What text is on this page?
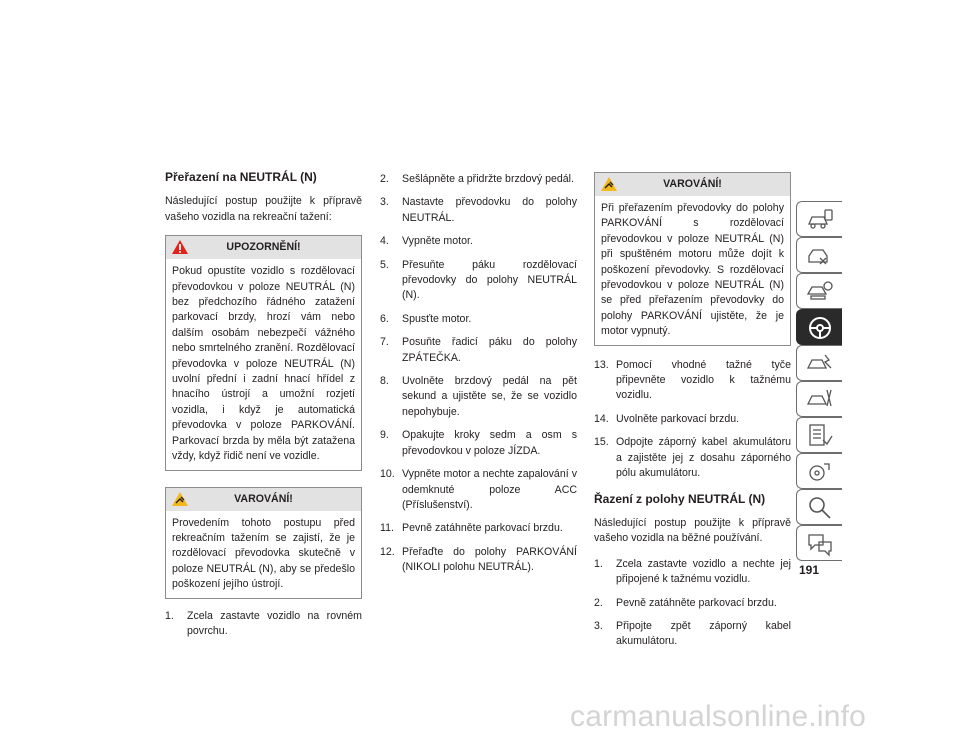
Přeřazení na NEUTRÁL (N)

Následující postup použijte k přípravě vašeho vozidla na rekreační tažení:

UPOZORNĚNÍ!
Pokud opustíte vozidlo s rozdělovací převodovkou v poloze NEUTRÁL (N) bez předchozího řádného zatažení parkovací brzdy, hrozí vám nebo dalším osobám nebezpečí vážného nebo smrtelného zranění. Rozdělovací převodovka v poloze NEUTRÁL (N) uvolní přední i zadní hnací hřídel z hnacího ústrojí a umožní rozjetí vozidla, i když je automatická převodovka v poloze PARKOVÁNÍ. Parkovací brzda by měla být zatažena vždy, když řidič není ve vozidle.
VAROVÁNÍ!
Provedením tohoto postupu před rekreačním tažením se zajistí, že je rozdělovací převodovka skutečně v poloze NEUTRÁL (N), aby se předešlo poškození jejího ústrojí.
1. Zcela zastavte vozidlo na rovném povrchu.
2. Sešlápněte a přidržte brzdový pedál.
3. Nastavte převodovku do polohy NEUTRÁL.
4. Vypněte motor.
5. Přesuňte páku rozdělovací převodovky do polohy NEUTRÁL (N).
6. Spusťte motor.
7. Posuňte řadicí páku do polohy ZPÁTEČKA.
8. Uvolněte brzdový pedál na pět sekund a ujistěte se, že se vozidlo nepohybuje.
9. Opakujte kroky sedm a osm s převodovkou v poloze JÍZDA.
10. Vypněte motor a nechte zapalování v odemknuté poloze ACC (Příslušenství).
11. Pevně zatáhněte parkovací brzdu.
12. Přeřaďte do polohy PARKOVÁNÍ (NIKOLI polohu NEUTRÁL).
VAROVÁNÍ!
Při přeřazením převodovky do polohy PARKOVÁNÍ s rozdělovací převodovkou v poloze NEUTRÁL (N) při spuštěném motoru může dojít k poškození převodovky. S rozdělovací převodovkou v poloze NEUTRÁL (N) se před přeřazením převodovky do polohy PARKOVÁNÍ ujistěte, že je motor vypnutý.
13. Pomocí vhodné tažné tyče připevněte vozidlo k tažnému vozidlu.
14. Uvolněte parkovací brzdu.
15. Odpojte záporný kabel akumulátoru a zajistěte jej z dosahu záporného pólu akumulátoru.
Řazení z polohy NEUTRÁL (N)

Následující postup použijte k přípravě vašeho vozidla na běžné používání.

1. Zcela zastavte vozidlo a nechte jej připojené k tažnému vozidlu.
2. Pevně zatáhněte parkovací brzdu.
3. Připojte zpět záporný kabel akumulátoru.
191
carmanualsonline.info
